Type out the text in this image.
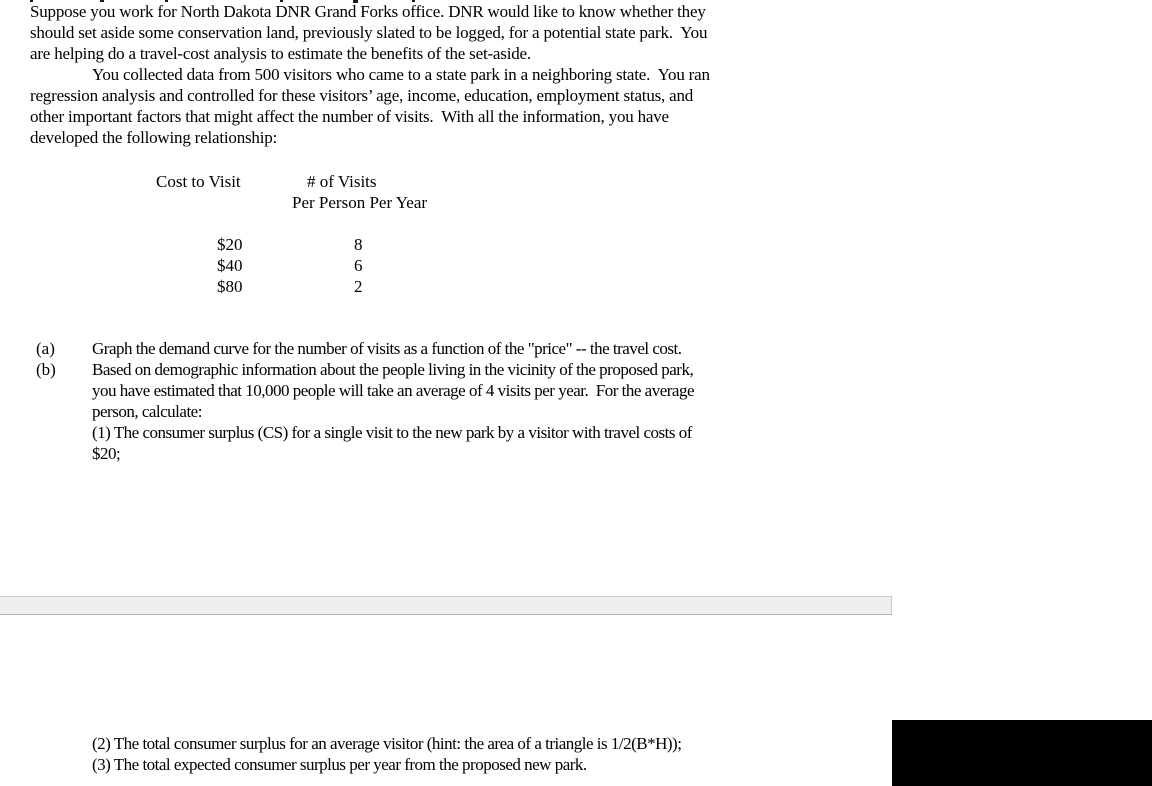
Suppose you work for North Dakota DNR Grand Forks office. DNR would like to know whether they
should set aside some conservation land, previously slated to be logged, for a potential state park.  You
are helping do a travel-cost analysis to estimate the benefits of the set-aside.
You collected data from 500 visitors who came to a state park in a neighboring state.  You ran
regression analysis and controlled for these visitors’ age, income, education, employment status, and
other important factors that might affect the number of visits.  With all the information, you have
developed the following relationship:
Cost to Visit	# of Visits
Per Person Per Year
$20	8
$40	6
$80	2
(a) Graph the demand curve for the number of visits as a function of the "price" -- the travel cost.
(b) Based on demographic information about the people living in the vicinity of the proposed park,
you have estimated that 10,000 people will take an average of 4 visits per year.  For the average
person, calculate:
(1) The consumer surplus (CS) for a single visit to the new park by a visitor with travel costs of
$20;
(2) The total consumer surplus for an average visitor (hint: the area of a triangle is 1/2(B*H));
(3) The total expected consumer surplus per year from the proposed new park.
